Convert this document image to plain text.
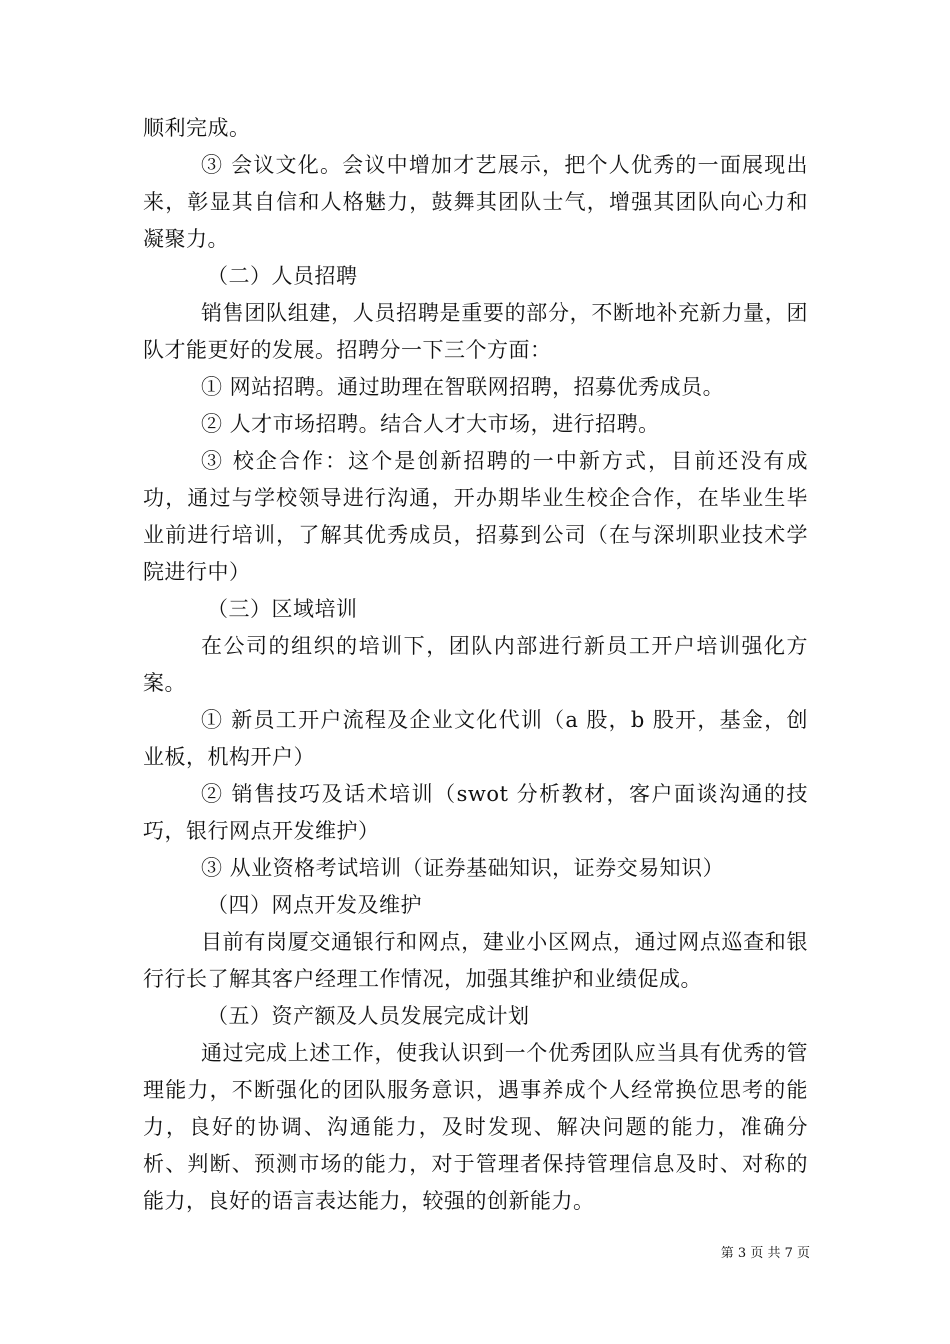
顺利完成。

③ 会议文化。会议中增加才艺展示，把个人优秀的一面展现出来，彰显其自信和人格魅力，鼓舞其团队士气，增强其团队向心力和凝聚力。

（二）人员招聘

销售团队组建，人员招聘是重要的部分，不断地补充新力量，团队才能更好的发展。招聘分一下三个方面：

① 网站招聘。通过助理在智联网招聘，招募优秀成员。

② 人才市场招聘。结合人才大市场，进行招聘。

③ 校企合作：这个是创新招聘的一中新方式，目前还没有成功，通过与学校领导进行沟通，开办期毕业生校企合作，在毕业生毕业前进行培训，了解其优秀成员，招募到公司（在与深圳职业技术学院进行中）

（三）区域培训

在公司的组织的培训下，团队内部进行新员工开户培训强化方案。

① 新员工开户流程及企业文化代训（a 股，b 股开，基金，创业板，机构开户）

② 销售技巧及话术培训（swot 分析教材，客户面谈沟通的技巧，银行网点开发维护）

③ 从业资格考试培训（证券基础知识，证券交易知识）

（四）网点开发及维护

目前有岗厦交通银行和网点，建业小区网点，通过网点巡查和银行行长了解其客户经理工作情况，加强其维护和业绩促成。

（五）资产额及人员发展完成计划

通过完成上述工作，使我认识到一个优秀团队应当具有优秀的管理能力，不断强化的团队服务意识，遇事养成个人经常换位思考的能力，良好的协调、沟通能力，及时发现、解决问题的能力，准确分析、判断、预测市场的能力，对于管理者保持管理信息及时、对称的能力，良好的语言表达能力，较强的创新能力。

第 3 页 共 7 页
